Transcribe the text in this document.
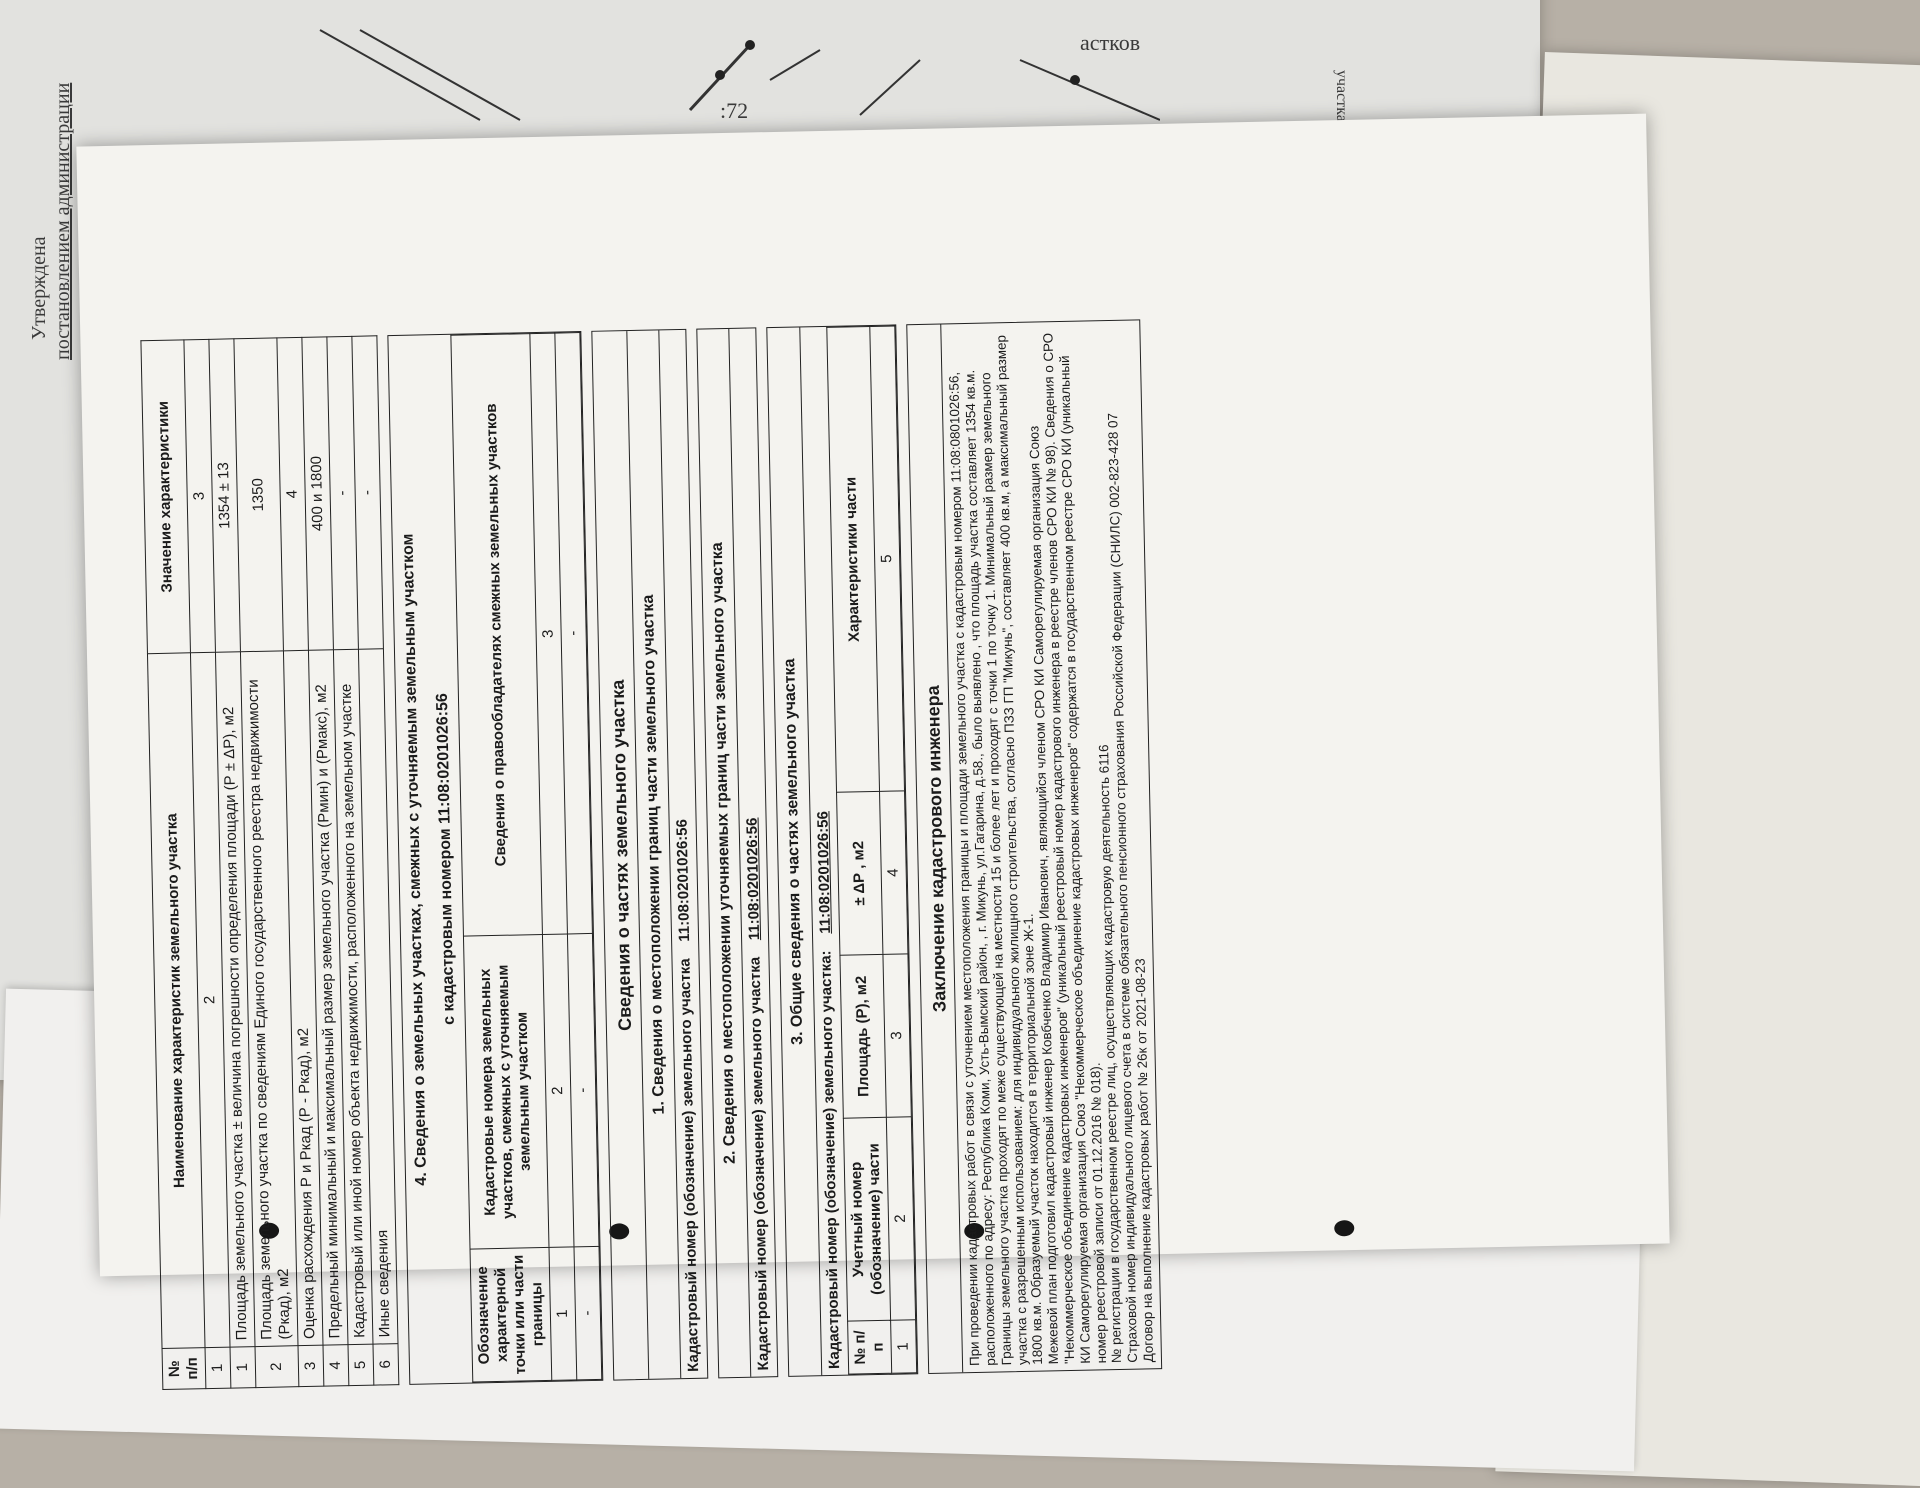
Утверждена постановлением администрации
астков
:72	участка
№ п/п	Наименование характеристик земельного участка	Значение характеристики
1	2	3
1	Площадь земельного участка ± величина погрешности определения площади (Р ± ΔР), м2	1354 ± 13
2	Площадь земельного участка по сведениям Единого государственного реестра недвижимости (Ркад), м2	1350
3	Оценка расхождения Р и Ркад (Р - Ркад), м2	4
4	Предельный минимальный и максимальный размер земельного участка (Рмин) и (Рмакс), м2	400 и 1800
5	Кадастровый или иной номер объекта недвижимости, расположенного на земельном участке	-
6	Иные сведения	-
4. Сведения о земельных участках, смежных с уточняемым земельным участком с кадастровым номером 11:08:0201026:56
Обозначение характерной точки или части границы	Кадастровые номера земельных участков, смежных с уточняемым земельным участком	Сведения о правообладателях смежных земельных участков
1	2	3
-	-	-
Сведения о частях земельного участка 1. Сведения о местоположении границ части земельного участка
Кадастровый номер (обозначение) земельного участка    11:08:0201026:56 2. Сведения о местоположении уточняемых границ части земельного участка Кадастровый номер (обозначение) земельного участка    11:08:0201026:56	3. Общие сведения о частях земельного участка
Кадастровый номер (обозначение) земельного участка:    11:08:0201026:56
№ п/п	Учетный номер (обозначение) части	Площадь (Р), м2	± ΔР , м2	Характеристики части
1	2	3	4	5
Заключение кадастрового инженера
При проведении кадастровых работ в связи с уточнением местоположения границы и площади земельного участка с кадастровым номером 11:08:0801026:56, расположенного по адресу: Республика Коми, Усть-Вымский район, , г. Микунь, ул.Гагарина, д.58., было выявлено , что площадь участка составляет 1354 кв.м. Границы земельного участка проходят по меже существующей на местности 15 и более лет и проходят с точки 1 по точку 1. Минимальный размер земельного участка с разрешенным использованием: для индивидуального жилищного строительства, согласно ПЗЗ ГП "Микунь", составляет 400 кв.м, а максимальный размер 1800 кв.м. Образуемый участок находится в территориальной зоне Ж-1.
Межевой план подготовил кадастровый инженер Ковбченко Владимир Иванович, являющийся членом СРО КИ Саморегулируемая организация Союз "Некоммерческое объединение кадастровых инженеров" (уникальный реестровый номер кадастрового инженера в реестре членов СРО КИ № 98). Сведения о СРО КИ Саморегулируемая организация Союз "Некоммерческое объединение кадастровых инженеров" содержатся в государственном реестре СРО КИ (уникальный номер реестровой записи от 01.12.2016 № 018).
№ регистрации в государственном реестре лиц, осуществляющих кадастровую деятельность 6116
Страховой номер индивидуального лицевого счета в системе обязательного пенсионного страхования Российской Федерации (СНИЛС) 002-823-428 07
Договор на выполнение кадастровых работ № 26к от 2021-08-23
